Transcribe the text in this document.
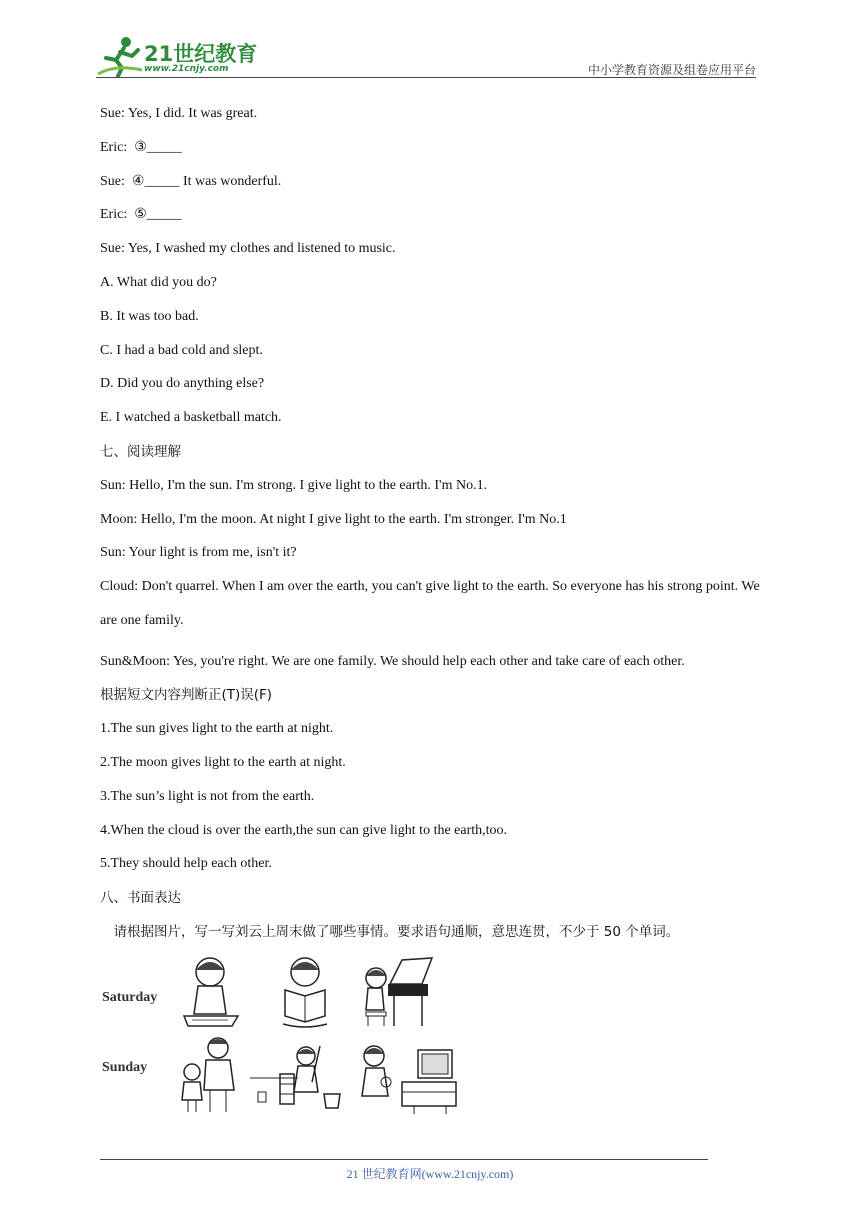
21世纪教育
www.21cnjy.com	中小学教育资源及组卷应用平台

Sue: Yes, I did. It was great.

Eric:  ③_____

Sue:  ④_____ It was wonderful.

Eric:  ⑤_____

Sue: Yes, I washed my clothes and listened to music.

A. What did you do?

B. It was too bad.

C. I had a bad cold and slept.

D. Did you do anything else?

E. I watched a basketball match.

七、阅读理解

Sun: Hello, I'm the sun. I'm strong. I give light to the earth. I'm No.1.

Moon: Hello, I'm the moon. At night I give light to the earth. I'm stronger. I'm No.1

Sun: Your light is from me, isn't it?

Cloud: Don't quarrel. When I am over the earth, you can't give light to the earth. So everyone has his strong point. We are one family.

Sun&Moon: Yes, you're right. We are one family. We should help each other and take care of each other.

根据短文内容判断正(T)误(F)

1.The sun gives light to the earth at night.

2.The moon gives light to the earth at night.

3.The sun’s light is not from the earth.

4.When the cloud is over the earth,the sun can give light to the earth,too.

5.They should help each other.

八、书面表达

　请根据图片，写一写刘云上周末做了哪些事情。要求语句通顺，意思连贯，不少于 50 个单词。

Saturday
Sunday
21 世纪教育网(www.21cnjy.com)
